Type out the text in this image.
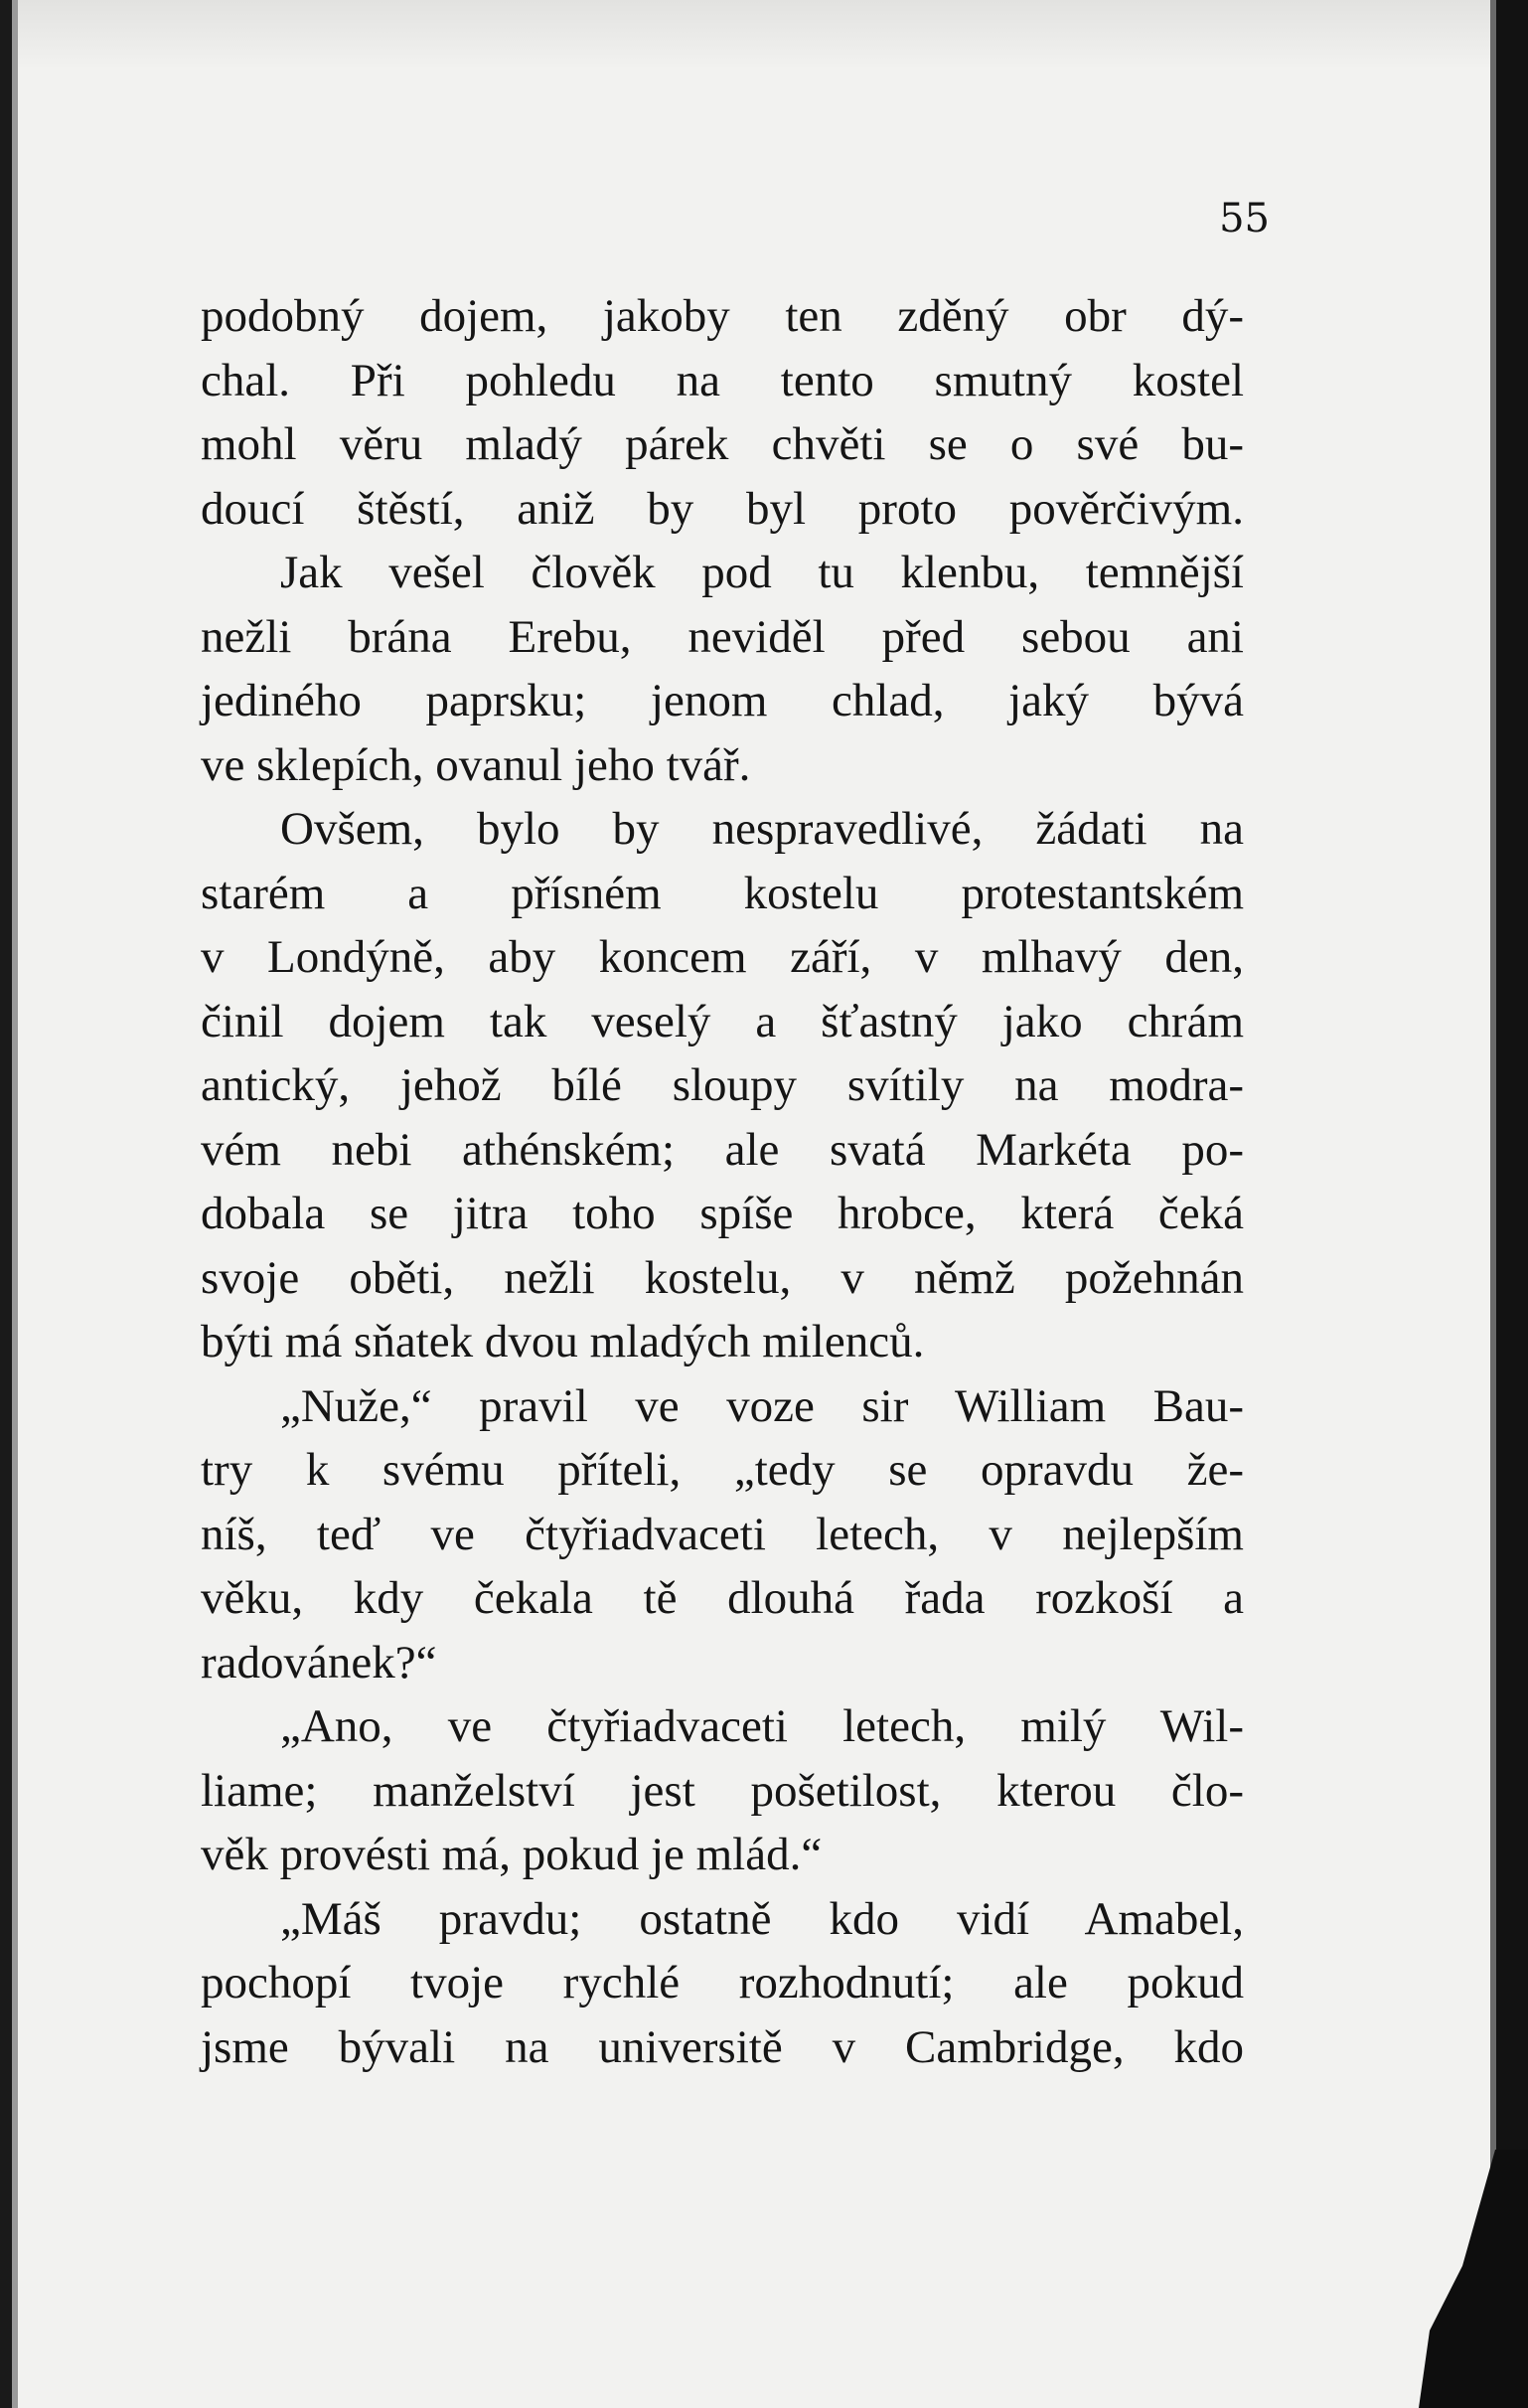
55
podobný dojem, jakoby ten zděný obr dý-
chal. Při pohledu na tento smutný kostel
mohl věru mladý párek chvěti se o své bu-
doucí štěstí, aniž by byl proto pověrčivým.
Jak vešel člověk pod tu klenbu, temnější
nežli brána Erebu, neviděl před sebou ani
jediného paprsku; jenom chlad, jaký bývá
ve sklepích, ovanul jeho tvář.
Ovšem, bylo by nespravedlivé, žádati na
starém a přísném kostelu protestantském
v Londýně, aby koncem září, v mlhavý den,
činil dojem tak veselý a šťastný jako chrám
antický, jehož bílé sloupy svítily na modra-
vém nebi athénském; ale svatá Markéta po-
dobala se jitra toho spíše hrobce, která čeká
svoje oběti, nežli kostelu, v němž požehnán
býti má sňatek dvou mladých milenců.
„Nuže,“ pravil ve voze sir William Bau-
try k svému příteli, „tedy se opravdu že-
níš, teď ve čtyřiadvaceti letech, v nejlepším
věku, kdy čekala tě dlouhá řada rozkoší a
radovánek?“
„Ano, ve čtyřiadvaceti letech, milý Wil-
liame; manželství jest pošetilost, kterou člo-
věk provésti má, pokud je mlád.“
„Máš pravdu; ostatně kdo vidí Amabel,
pochopí tvoje rychlé rozhodnutí; ale pokud
jsme bývali na universitě v Cambridge, kdo
